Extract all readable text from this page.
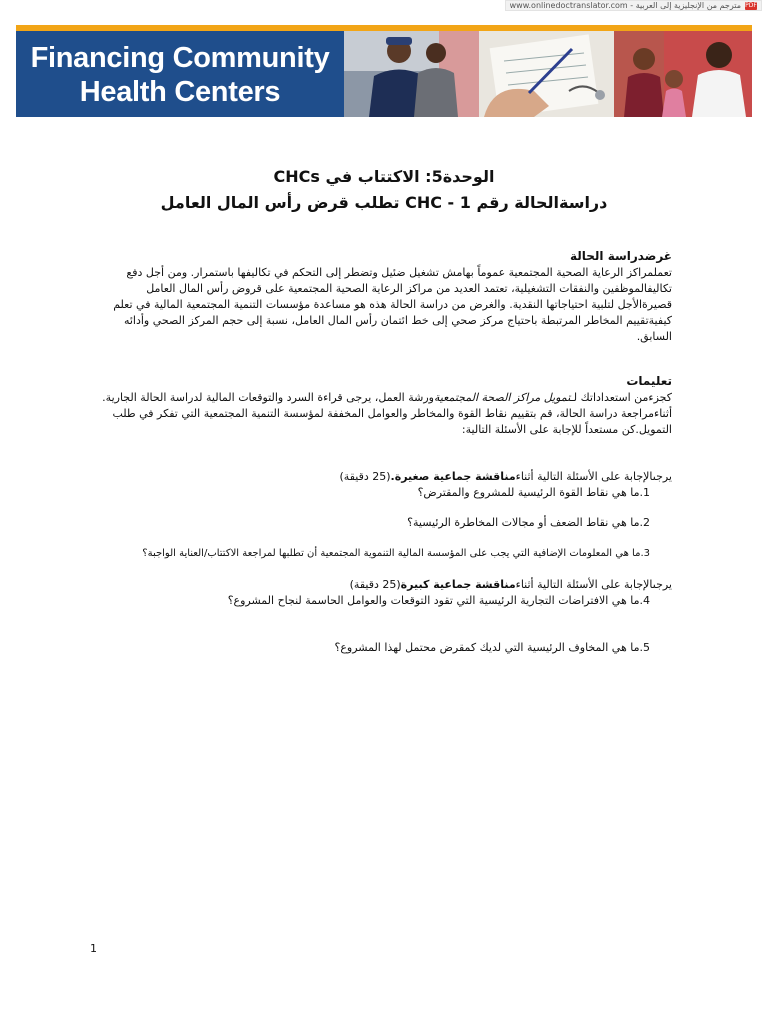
www.onlinedoctranslator.com - مترجم من الإنجليزية إلى العربية PDF
Financing Community
Health Centers
الوحدة5: الاكتتاب في CHCs
دراسةالحالة رقم 1 - CHC تطلب قرض رأس المال العامل
غرضدراسة الحالة
تعملمراكز الرعاية الصحية المجتمعية عموماً بهامش تشغيل ضئيل وتضطر إلى التحكم في تكاليفها باستمرار. ومن أجل دفع
تكاليفالموظفين والنفقات التشغيلية، تعتمد العديد من مراكز الرعاية الصحية المجتمعية على قروض رأس المال العامل
قصيرةالأجل لتلبية احتياجاتها النقدية. والغرض من دراسة الحالة هذه هو مساعدة مؤسسات التنمية المجتمعية المالية في تعلم
كيفيةتقييم المخاطر المرتبطة باحتياج مركز صحي إلى خط ائتمان رأس المال العامل، نسبة إلى حجم المركز الصحي وأدائه
السابق.
تعليمات
كجزءمن استعداداتك لـتمويل مراكز الصحة المجتمعيةورشة العمل، يرجى قراءة السرد والتوقعات المالية لدراسة الحالة الجارية.
أثناءمراجعة دراسة الحالة، قم بتقييم نقاط القوة والمخاطر والعوامل المخففة لمؤسسة التنمية المجتمعية التي تفكر في طلب
التمويل.كن مستعداً للإجابة على الأسئلة التالية:
يرجىالإجابة على الأسئلة التالية أثناءمناقشة جماعية صغيرة.(25 دقيقة)
1.ما هي نقاط القوة الرئيسية للمشروع والمقترض؟
2.ما هي نقاط الضعف أو مجالات المخاطرة الرئيسية؟
3.ما هي المعلومات الإضافية التي يجب على المؤسسة المالية التنموية المجتمعية أن تطلبها لمراجعة الاكتتاب/العناية الواجبة؟
يرجىالإجابة على الأسئلة التالية أثناءمناقشة جماعية كبيرة(25 دقيقة)
4.ما هي الافتراضات التجارية الرئيسية التي تقود التوقعات والعوامل الحاسمة لنجاح المشروع؟
5.ما هي المخاوف الرئيسية التي لديك كمقرض محتمل لهذا المشروع؟
1
